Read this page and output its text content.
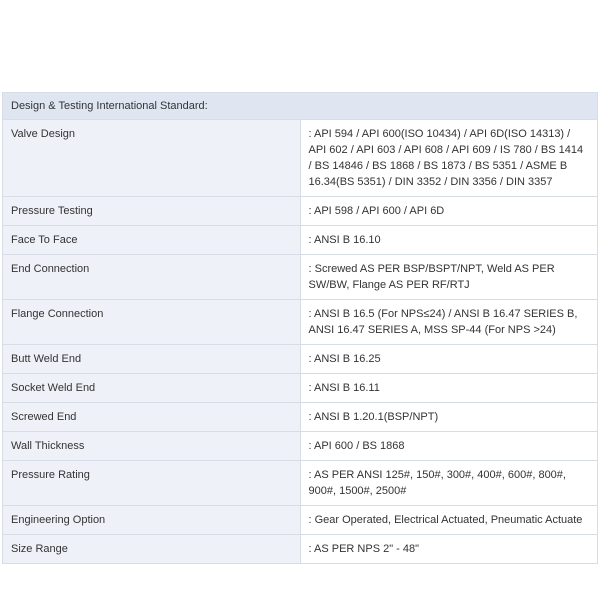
Design & Testing International Standard:	
Valve Design	: API 594 / API 600(ISO 10434) / API 6D(ISO 14313) / API 602 / API 603 / API 608 / API 609 / IS 780 / BS 1414 / BS 14846 / BS 1868 / BS 1873 / BS 5351 / ASME B 16.34(BS 5351) / DIN 3352 / DIN 3356 / DIN 3357
Pressure Testing	: API 598 / API 600 / API 6D
Face To Face	: ANSI B 16.10
End Connection	: Screwed AS PER BSP/BSPT/NPT, Weld AS PER SW/BW, Flange AS PER RF/RTJ
Flange Connection	: ANSI B 16.5 (For NPS≤24) / ANSI B 16.47 SERIES B, ANSI 16.47 SERIES A, MSS SP-44 (For NPS >24)
Butt Weld End	: ANSI B 16.25
Socket Weld End	: ANSI B 16.11
Screwed End	: ANSI B 1.20.1(BSP/NPT)
Wall Thickness	: API 600 / BS 1868
Pressure Rating	: AS PER ANSI 125#, 150#, 300#, 400#, 600#, 800#, 900#, 1500#, 2500#
Engineering Option	: Gear Operated, Electrical Actuated, Pneumatic Actuate
Size Range	: AS PER NPS 2" - 48"
